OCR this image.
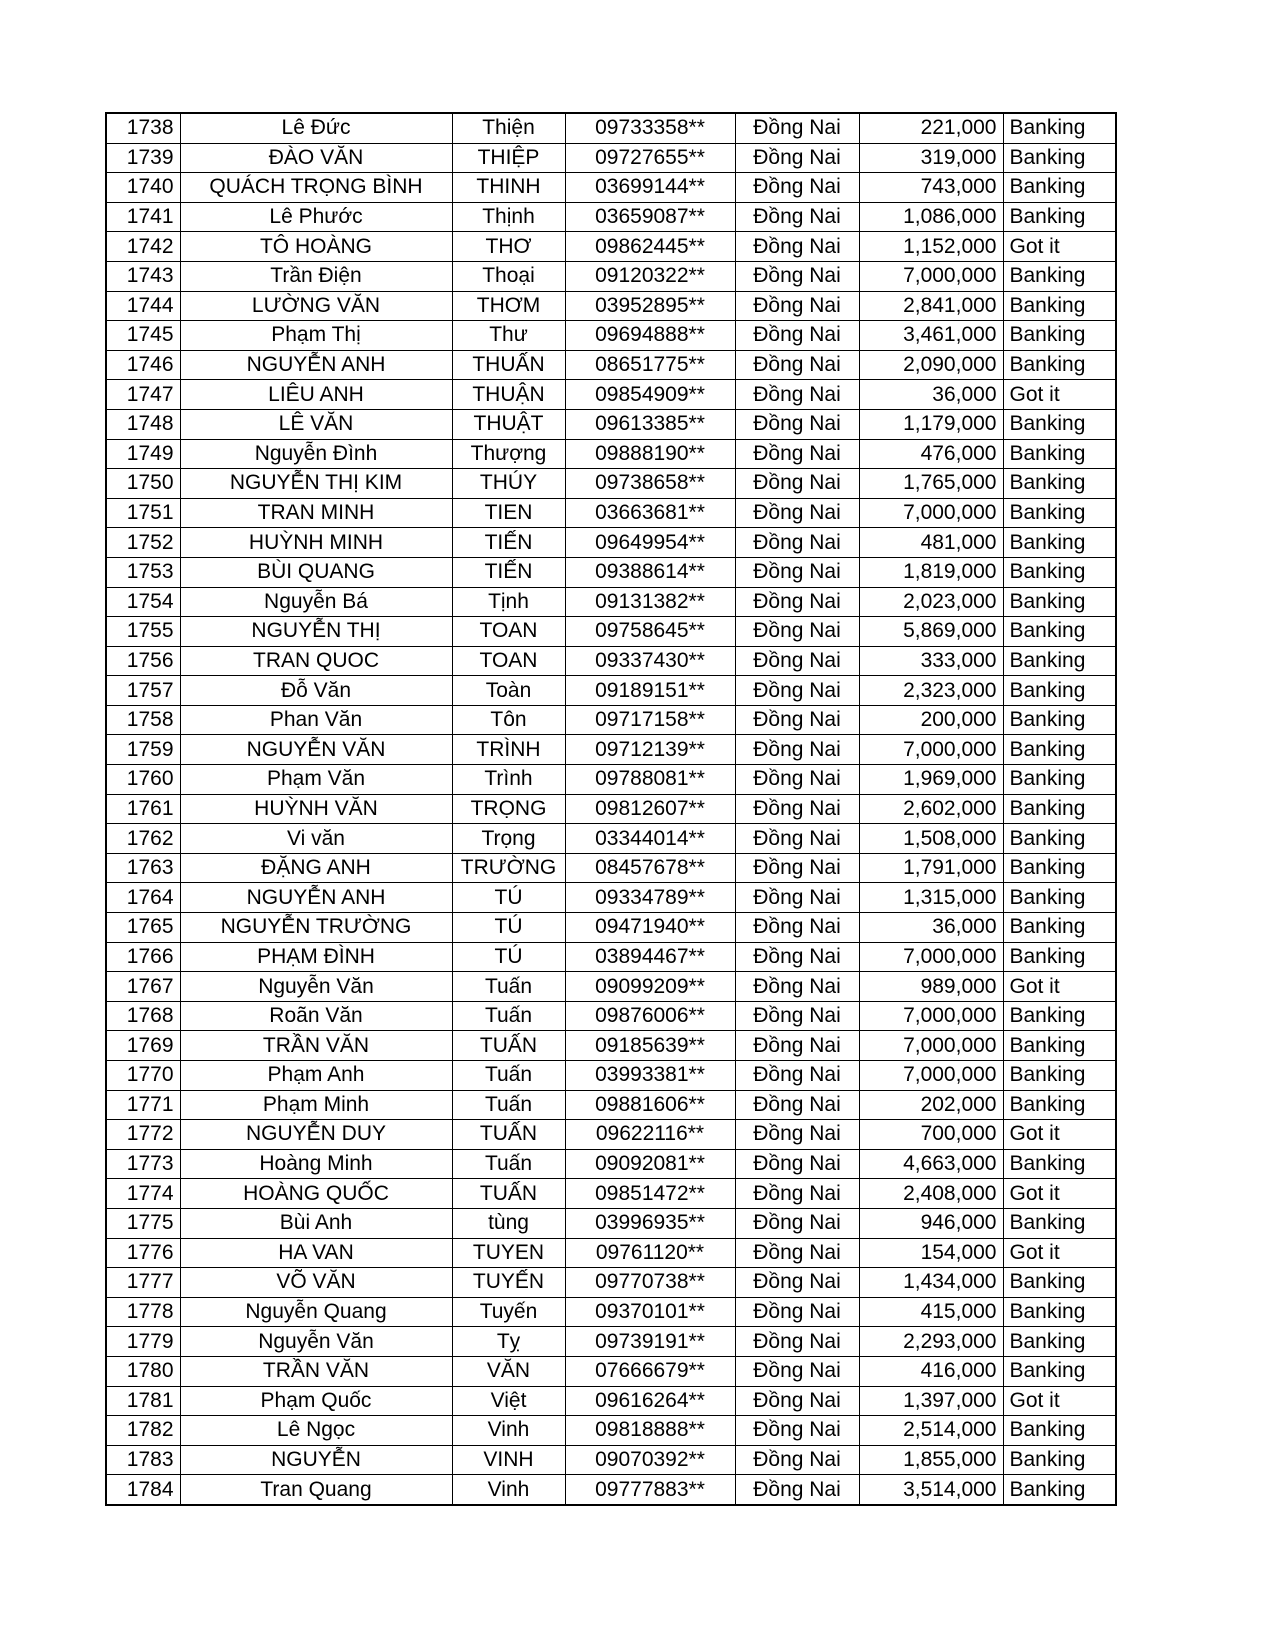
1738	Lê Đức	Thiện	09733358**	Đồng Nai	221,000	Banking
1739	ĐÀO VĂN	THIỆP	09727655**	Đồng Nai	319,000	Banking
1740	QUÁCH TRỌNG BÌNH	THINH	03699144**	Đồng Nai	743,000	Banking
1741	Lê Phước	Thịnh	03659087**	Đồng Nai	1,086,000	Banking
1742	TÔ HOÀNG	THƠ	09862445**	Đồng Nai	1,152,000	Got it
1743	Trần Điện	Thoại	09120322**	Đồng Nai	7,000,000	Banking
1744	LƯỜNG VĂN	THƠM	03952895**	Đồng Nai	2,841,000	Banking
1745	Phạm Thị	Thư	09694888**	Đồng Nai	3,461,000	Banking
1746	NGUYỄN ANH	THUẤN	08651775**	Đồng Nai	2,090,000	Banking
1747	LIÊU ANH	THUẬN	09854909**	Đồng Nai	36,000	Got it
1748	LÊ VĂN	THUẬT	09613385**	Đồng Nai	1,179,000	Banking
1749	Nguyễn Đình	Thượng	09888190**	Đồng Nai	476,000	Banking
1750	NGUYỄN THỊ KIM	THÚY	09738658**	Đồng Nai	1,765,000	Banking
1751	TRAN MINH	TIEN	03663681**	Đồng Nai	7,000,000	Banking
1752	HUỲNH MINH	TIẾN	09649954**	Đồng Nai	481,000	Banking
1753	BÙI QUANG	TIẾN	09388614**	Đồng Nai	1,819,000	Banking
1754	Nguyễn Bá	Tịnh	09131382**	Đồng Nai	2,023,000	Banking
1755	NGUYỄN THỊ	TOAN	09758645**	Đồng Nai	5,869,000	Banking
1756	TRAN QUOC	TOAN	09337430**	Đồng Nai	333,000	Banking
1757	Đỗ Văn	Toàn	09189151**	Đồng Nai	2,323,000	Banking
1758	Phan Văn	Tôn	09717158**	Đồng Nai	200,000	Banking
1759	NGUYỄN VĂN	TRÌNH	09712139**	Đồng Nai	7,000,000	Banking
1760	Phạm Văn	Trình	09788081**	Đồng Nai	1,969,000	Banking
1761	HUỲNH VĂN	TRỌNG	09812607**	Đồng Nai	2,602,000	Banking
1762	Vi văn	Trọng	03344014**	Đồng Nai	1,508,000	Banking
1763	ĐẶNG ANH	TRƯỜNG	08457678**	Đồng Nai	1,791,000	Banking
1764	NGUYỄN ANH	TÚ	09334789**	Đồng Nai	1,315,000	Banking
1765	NGUYỄN TRƯỜNG	TÚ	09471940**	Đồng Nai	36,000	Banking
1766	PHẠM ĐÌNH	TÚ	03894467**	Đồng Nai	7,000,000	Banking
1767	Nguyễn Văn	Tuấn	09099209**	Đồng Nai	989,000	Got it
1768	Roãn Văn	Tuấn	09876006**	Đồng Nai	7,000,000	Banking
1769	TRẦN VĂN	TUẤN	09185639**	Đồng Nai	7,000,000	Banking
1770	Phạm Anh	Tuấn	03993381**	Đồng Nai	7,000,000	Banking
1771	Phạm Minh	Tuấn	09881606**	Đồng Nai	202,000	Banking
1772	NGUYỄN DUY	TUẤN	09622116**	Đồng Nai	700,000	Got it
1773	Hoàng Minh	Tuấn	09092081**	Đồng Nai	4,663,000	Banking
1774	HOÀNG QUỐC	TUẤN	09851472**	Đồng Nai	2,408,000	Got it
1775	Bùi Anh	tùng	03996935**	Đồng Nai	946,000	Banking
1776	HA VAN	TUYEN	09761120**	Đồng Nai	154,000	Got it
1777	VÕ VĂN	TUYẾN	09770738**	Đồng Nai	1,434,000	Banking
1778	Nguyễn Quang	Tuyến	09370101**	Đồng Nai	415,000	Banking
1779	Nguyễn Văn	Tỵ	09739191**	Đồng Nai	2,293,000	Banking
1780	TRẦN VĂN	VĂN	07666679**	Đồng Nai	416,000	Banking
1781	Phạm Quốc	Việt	09616264**	Đồng Nai	1,397,000	Got it
1782	Lê Ngọc	Vinh	09818888**	Đồng Nai	2,514,000	Banking
1783	NGUYỄN	VINH	09070392**	Đồng Nai	1,855,000	Banking
1784	Tran Quang	Vinh	09777883**	Đồng Nai	3,514,000	Banking
